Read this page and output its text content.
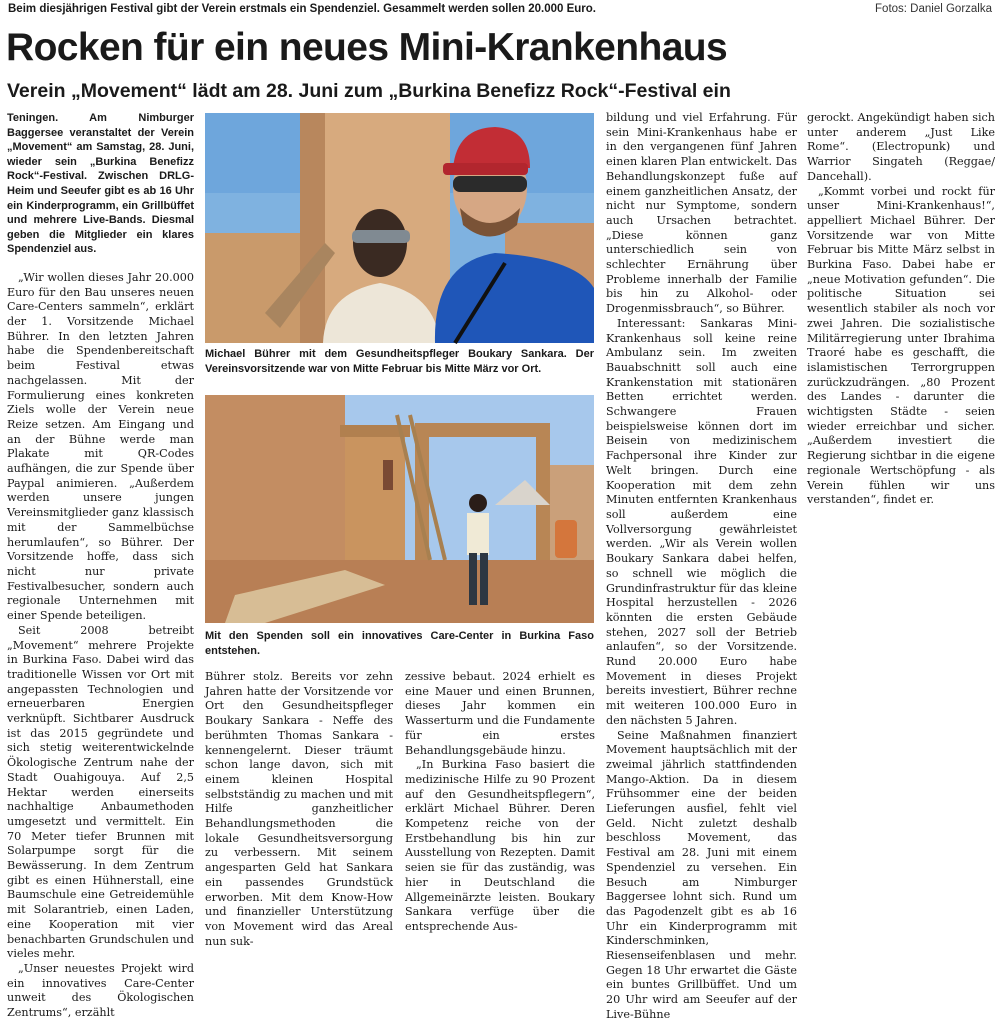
Beim diesjährigen Festival gibt der Verein erstmals ein Spendenziel. Gesammelt werden sollen 20.000 Euro.	Fotos: Daniel Gorzalka
Rocken für ein neues Mini-Krankenhaus
Verein „Movement“ lädt am 28. Juni zum „Burkina Benefizz Rock“-Festival ein

Teningen. Am Nimburger Baggersee veranstaltet der Verein „Movement“ am Samstag, 28. Juni, wieder sein „Burkina Benefizz Rock“-Festival. Zwischen DRLG-Heim und Seeufer gibt es ab 16 Uhr ein Kinderprogramm, ein Grillbüffet und mehrere Live-Bands. Diesmal geben die Mitglieder ein klares Spendenziel aus.

„Wir wollen dieses Jahr 20.000 Euro für den Bau unseres neuen Care-Centers sammeln“, erklärt der 1. Vorsitzende Michael Bührer. In den letzten Jahren habe die Spendenbereitschaft beim Festival etwas nachgelassen. Mit der Formulierung eines konkreten Ziels wolle der Verein neue Reize setzen. Am Eingang und an der Bühne werde man Plakate mit QR-Codes aufhängen, die zur Spende über Paypal animieren. „Außerdem werden unsere jungen Vereinsmitglieder ganz klassisch mit der Sammelbüchse herumlaufen“, so Bührer. Der Vorsitzende hoffe, dass sich nicht nur private Festivalbesucher, sondern auch regionale Unternehmen mit einer Spende beteiligen.

Seit 2008 betreibt „Movement“ mehrere Projekte in Burkina Faso. Dabei wird das traditionelle Wissen vor Ort mit angepassten Technologien und erneuerbaren Energien verknüpft. Sichtbarer Ausdruck ist das 2015 gegründete und sich stetig weiterentwickelnde Ökologische Zentrum nahe der Stadt Ouahigouya. Auf 2,5 Hektar werden einerseits nachhaltige Anbaumethoden umgesetzt und vermittelt. Ein 70 Meter tiefer Brunnen mit Solarpumpe sorgt für die Bewässerung. In dem Zentrum gibt es einen Hühnerstall, eine Baumschule eine Getreidemühle mit Solarantrieb, einen Laden, eine Kooperation mit vier benachbarten Grundschulen und vieles mehr.

„Unser neuestes Projekt wird ein innovatives Care-Center unweit des Ökologischen Zentrums“, erzählt

Michael Bührer mit dem Gesundheitspfleger Boukary Sankara. Der Vereinsvorsitzende war von Mitte Februar bis Mitte März vor Ort.
Mit den Spenden soll ein innovatives Care-Center in Burkina Faso entstehen.

Bührer stolz. Bereits vor zehn Jahren hatte der Vorsitzende vor Ort den Gesundheitspfleger Boukary Sankara - Neffe des berühmten Thomas Sankara - kennengelernt. Dieser träumt schon lange davon, sich mit einem kleinen Hospital selbstständig zu machen und mit Hilfe ganzheitlicher Behandlungsmethoden die lokale Gesundheitsversorgung zu verbessern. Mit seinem angesparten Geld hat Sankara ein passendes Grundstück erworben. Mit dem Know-How und finanzieller Unterstützung von Movement wird das Areal nun suk-

zessive bebaut. 2024 erhielt es eine Mauer und einen Brunnen, dieses Jahr kommen ein Wasserturm und die Fundamente für ein erstes Behandlungsgebäude hinzu.

„In Burkina Faso basiert die medizinische Hilfe zu 90 Prozent auf den Gesundheitspflegern“, erklärt Michael Bührer. Deren Kompetenz reiche von der Erstbehandlung bis hin zur Ausstellung von Rezepten. Damit seien sie für das zuständig, was hier in Deutschland die Allgemeinärzte leisten. Boukary Sankara verfüge über die entsprechende Aus-

bildung und viel Erfahrung. Für sein Mini-Krankenhaus habe er in den vergangenen fünf Jahren einen klaren Plan entwickelt. Das Behandlungskonzept fuße auf einem ganzheitlichen Ansatz, der nicht nur Symptome, sondern auch Ursachen betrachtet. „Diese können ganz unterschiedlich sein von schlechter Ernährung über Probleme innerhalb der Familie bis hin zu Alkohol- oder Drogenmissbrauch“, so Bührer.

Interessant: Sankaras Mini-Krankenhaus soll keine reine Ambulanz sein. Im zweiten Bauabschnitt soll auch eine Krankenstation mit stationären Betten errichtet werden. Schwangere Frauen beispielsweise können dort im Beisein von medizinischem Fachpersonal ihre Kinder zur Welt bringen. Durch eine Kooperation mit dem zehn Minuten entfernten Krankenhaus soll außerdem eine Vollversorgung gewährleistet werden. „Wir als Verein wollen Boukary Sankara dabei helfen, so schnell wie möglich die Grundinfrastruktur für das kleine Hospital herzustellen - 2026 könnten die ersten Gebäude stehen, 2027 soll der Betrieb anlaufen“, so der Vorsitzende. Rund 20.000 Euro habe Movement in dieses Projekt bereits investiert, Bührer rechne mit weiteren 100.000 Euro in den nächsten 5 Jahren.

Seine Maßnahmen finanziert Movement hauptsächlich mit der zweimal jährlich stattfindenden Mango-Aktion. Da in diesem Frühsommer eine der beiden Lieferungen ausfiel, fehlt viel Geld. Nicht zuletzt deshalb beschloss Movement, das Festival am 28. Juni mit einem Spendenziel zu versehen. Ein Besuch am Nimburger Baggersee lohnt sich. Rund um das Pagodenzelt gibt es ab 16 Uhr ein Kinderprogramm mit Kinderschminken, Riesenseifenblasen und mehr. Gegen 18 Uhr erwartet die Gäste ein buntes Grillbüffet. Und um 20 Uhr wird am Seeufer auf der Live-Bühne

gerockt. Angekündigt haben sich unter anderem „Just Like Rome“. (Electropunk) und Warrior Singateh (Reggae/ Dancehall).

„Kommt vorbei und rockt für unser Mini-Krankenhaus!“, appelliert Michael Bührer. Der Vorsitzende war von Mitte Februar bis Mitte März selbst in Burkina Faso. Dabei habe er „neue Motivation gefunden“. Die politische Situation sei wesentlich stabiler als noch vor zwei Jahren. Die sozialistische Militärregierung unter Ibrahima Traoré habe es geschafft, die islamistischen Terrorgruppen zurückzudrängen. „80 Prozent des Landes - darunter die wichtigsten Städte - seien wieder erreichbar und sicher. „Außerdem investiert die Regierung sichtbar in die eigene regionale Wertschöpfung - als Verein fühlen wir uns verstanden“, findet er.
